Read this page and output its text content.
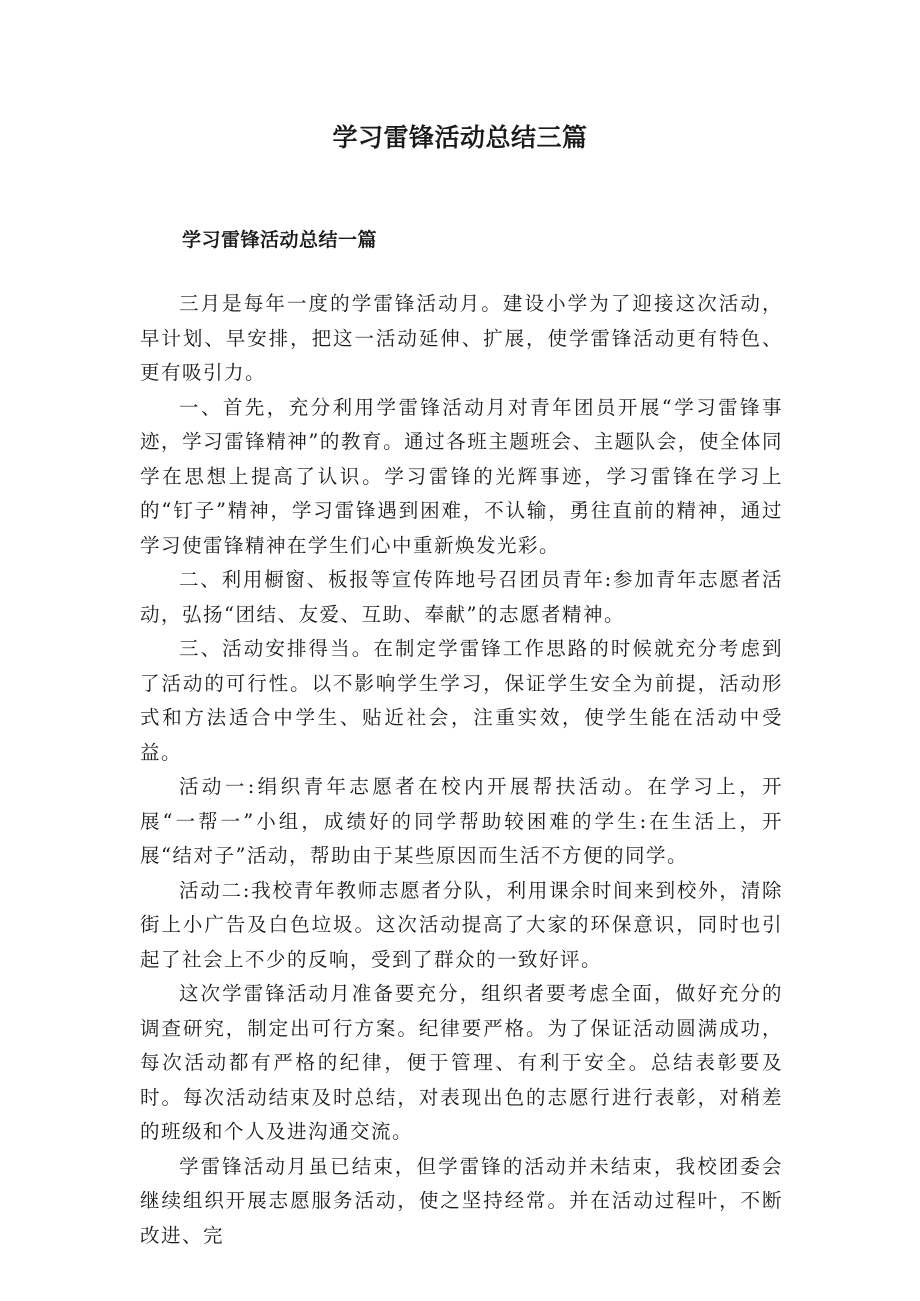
学习雷锋活动总结三篇
学习雷锋活动总结一篇

三月是每年一度的学雷锋活动月。建设小学为了迎接这次活动，早计划、早安排，把这一活动延伸、扩展，使学雷锋活动更有特色、更有吸引力。

一、首先，充分利用学雷锋活动月对青年团员开展“学习雷锋事迹，学习雷锋精神”的教育。通过各班主题班会、主题队会，使全体同学在思想上提高了认识。学习雷锋的光辉事迹，学习雷锋在学习上的“钉子”精神，学习雷锋遇到困难，不认输，勇往直前的精神，通过学习使雷锋精神在学生们心中重新焕发光彩。

二、利用橱窗、板报等宣传阵地号召团员青年:参加青年志愿者活动，弘扬“团结、友爱、互助、奉献”的志愿者精神。

三、活动安排得当。在制定学雷锋工作思路的时候就充分考虑到了活动的可行性。以不影响学生学习，保证学生安全为前提，活动形式和方法适合中学生、贴近社会，注重实效，使学生能在活动中受益。

活动一:绢织青年志愿者在校内开展帮扶活动。在学习上，开展“一帮一”小组，成绩好的同学帮助较困难的学生:在生活上，开展“结对子”活动，帮助由于某些原因而生活不方便的同学。

活动二:我校青年教师志愿者分队，利用课余时间来到校外，清除街上小广告及白色垃圾。这次活动提高了大家的环保意识，同时也引起了社会上不少的反响，受到了群众的一致好评。

这次学雷锋活动月准备要充分，组织者要考虑全面，做好充分的调查研究，制定出可行方案。纪律要严格。为了保证活动圆满成功，每次活动都有严格的纪律，便于管理、有利于安全。总结表彰要及时。每次活动结束及时总结，对表现出色的志愿行进行表彰，对稍差的班级和个人及进沟通交流。

学雷锋活动月虽已结束，但学雷锋的活动并未结束，我校团委会继续组织开展志愿服务活动，使之坚持经常。并在活动过程叶，不断改进、完
